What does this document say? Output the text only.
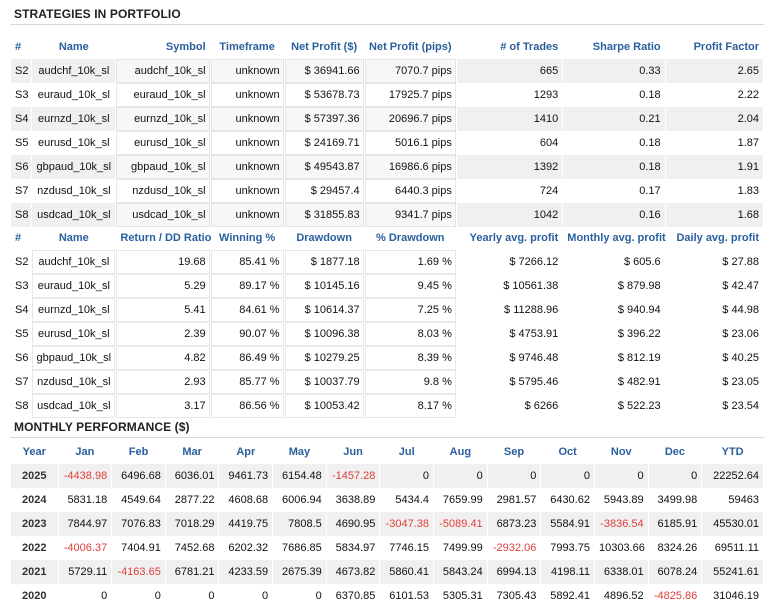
STRATEGIES IN PORTFOLIO
#	Name	Symbol	Timeframe	Net Profit ($)	Net Profit (pips)	# of Trades	Sharpe Ratio	Profit Factor
S2	audchf_10k_sl	audchf_10k_sl	unknown	$ 36941.66	7070.7 pips	665	0.33	2.65
S3	euraud_10k_sl	euraud_10k_sl	unknown	$ 53678.73	17925.7 pips	1293	0.18	2.22
S4	eurnzd_10k_sl	eurnzd_10k_sl	unknown	$ 57397.36	20696.7 pips	1410	0.21	2.04
S5	eurusd_10k_sl	eurusd_10k_sl	unknown	$ 24169.71	5016.1 pips	604	0.18	1.87
S6	gbpaud_10k_sl	gbpaud_10k_sl	unknown	$ 49543.87	16986.6 pips	1392	0.18	1.91
S7	nzdusd_10k_sl	nzdusd_10k_sl	unknown	$ 29457.4	6440.3 pips	724	0.17	1.83
S8	usdcad_10k_sl	usdcad_10k_sl	unknown	$ 31855.83	9341.7 pips	1042	0.16	1.68
#	Name	Return / DD Ratio	Winning %	Drawdown	% Drawdown	Yearly avg. profit	Monthly avg. profit	Daily avg. profit
S2	audchf_10k_sl	19.68	85.41 %	$ 1877.18	1.69 %	$ 7266.12	$ 605.6	$ 27.88
S3	euraud_10k_sl	5.29	89.17 %	$ 10145.16	9.45 %	$ 10561.38	$ 879.98	$ 42.47
S4	eurnzd_10k_sl	5.41	84.61 %	$ 10614.37	7.25 %	$ 11288.96	$ 940.94	$ 44.98
S5	eurusd_10k_sl	2.39	90.07 %	$ 10096.38	8.03 %	$ 4753.91	$ 396.22	$ 23.06
S6	gbpaud_10k_sl	4.82	86.49 %	$ 10279.25	8.39 %	$ 9746.48	$ 812.19	$ 40.25
S7	nzdusd_10k_sl	2.93	85.77 %	$ 10037.79	9.8 %	$ 5795.46	$ 482.91	$ 23.05
S8	usdcad_10k_sl	3.17	86.56 %	$ 10053.42	8.17 %	$ 6266	$ 522.23	$ 23.54
MONTHLY PERFORMANCE ($)
Year	Jan	Feb	Mar	Apr	May	Jun	Jul	Aug	Sep	Oct	Nov	Dec	YTD
2025	-4438.98	6496.68	6036.01	9461.73	6154.48	-1457.28	0	0	0	0	0	0	22252.64
2024	5831.18	4549.64	2877.22	4608.68	6006.94	3638.89	5434.4	7659.99	2981.57	6430.62	5943.89	3499.98	59463
2023	7844.97	7076.83	7018.29	4419.75	7808.5	4690.95	-3047.38	-5089.41	6873.23	5584.91	-3836.54	6185.91	45530.01
2022	-4006.37	7404.91	7452.68	6202.32	7686.85	5834.97	7746.15	7499.99	-2932.06	7993.75	10303.66	8324.26	69511.11
2021	5729.11	-4163.65	6781.21	4233.59	2675.39	4673.82	5860.41	5843.24	6994.13	4198.11	6338.01	6078.24	55241.61
2020	0	0	0	0	0	6370.85	6101.53	5305.31	7305.43	5892.41	4896.52	-4825.86	31046.19
